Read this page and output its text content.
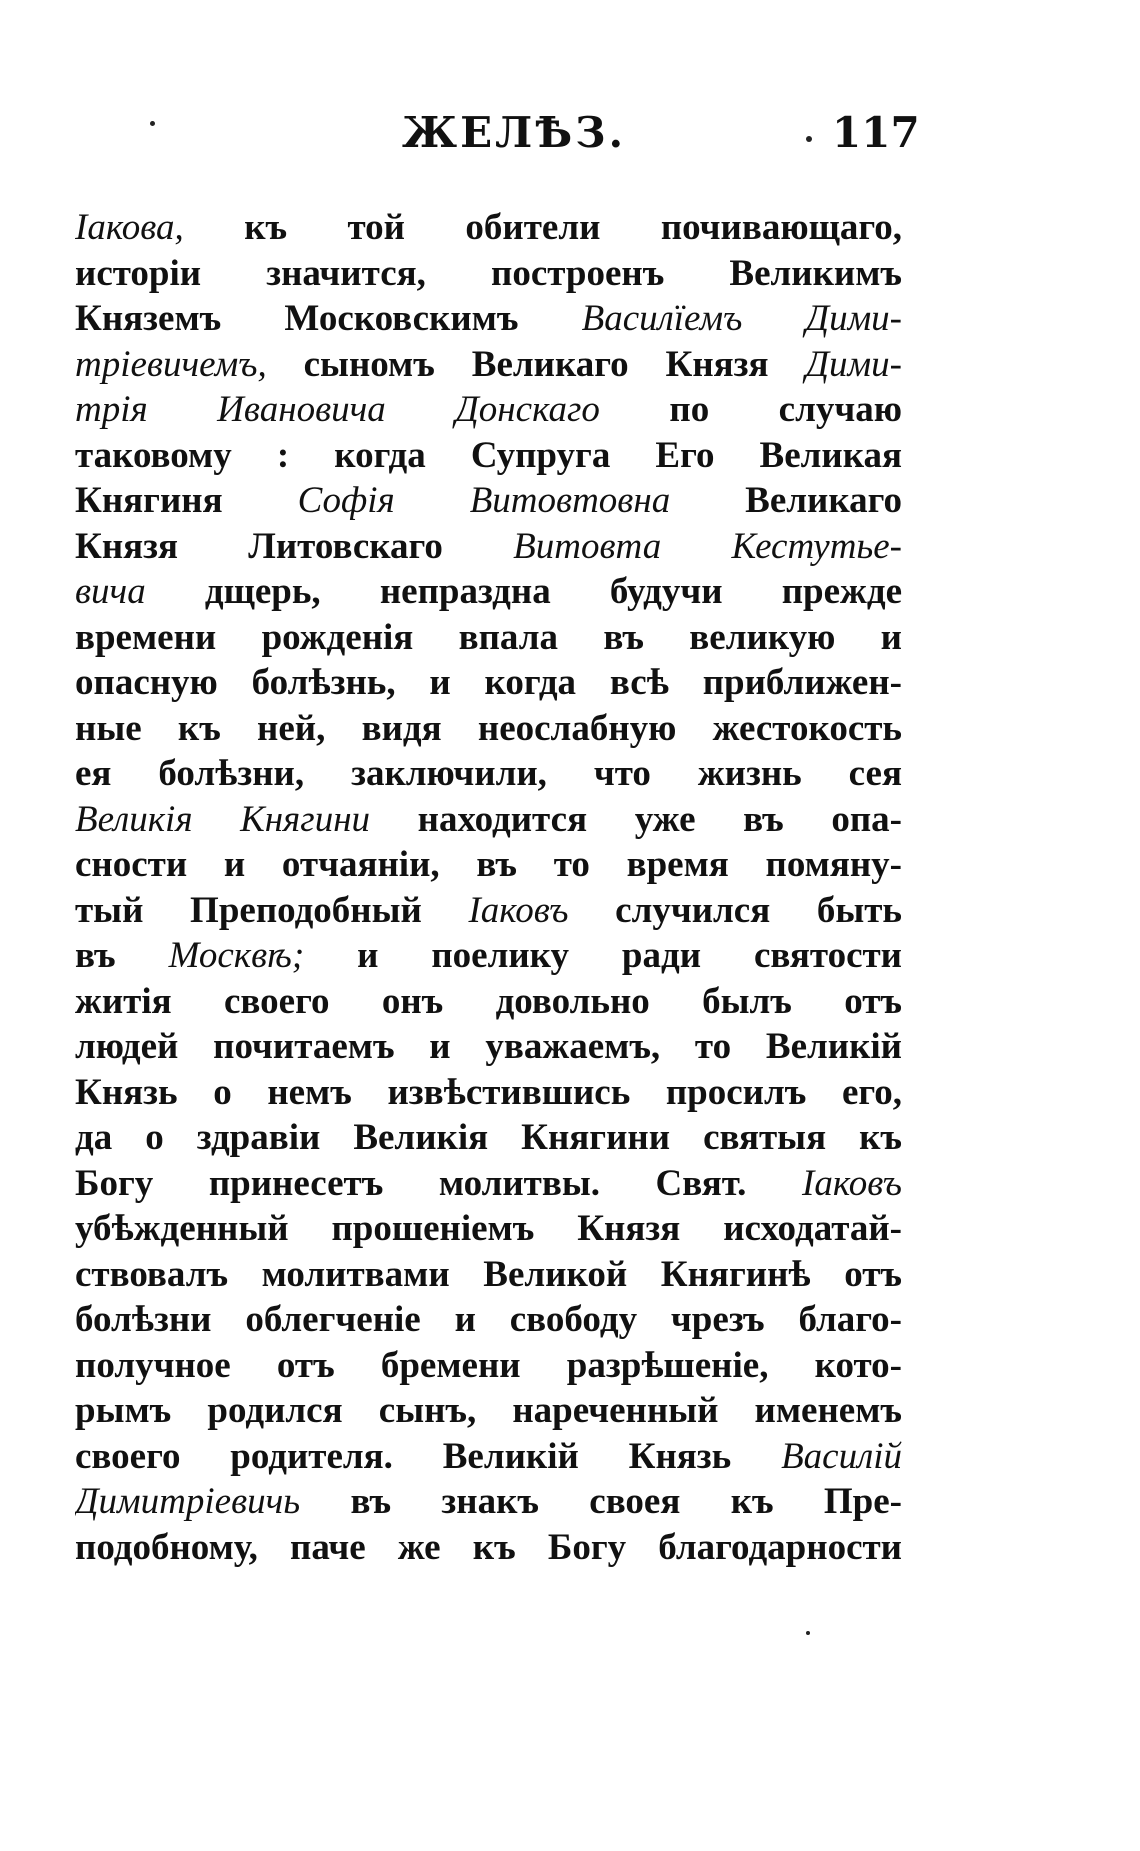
ЖЕЛѢЗ.	117
Іакова, къ той обители почивающаго,
исторіи значится, построенъ Великимъ
Княземъ Московскимъ Василїемъ Дими-
тріевичемъ, сыномъ Великаго Князя Дими-
трія Ивановича Донскаго по случаю
таковому : когда Супруга Его Великая
Княгиня Софія Витовтовна Великаго
Князя Литовскаго Витовта Кестутье-
вича дщерь, непраздна будучи прежде
времени рожденія впала въ великую и
опасную болѣзнь, и когда всѣ приближен-
ные къ ней, видя неослабную жестокость
ея болѣзни, заключили, что жизнь сея
Великія Княгини находится уже въ опа-
сности и отчаяніи, въ то время помяну-
тый Преподобный Іаковъ случился быть
въ Москвѣ; и поелику ради святости
житія своего онъ довольно былъ отъ
людей почитаемъ и уважаемъ, то Великій
Князь о немъ извѣстившись просилъ его,
да о здравіи Великія Княгини святыя къ
Богу принесетъ молитвы. Свят. Іаковъ
убѣжденный прошеніемъ Князя исходатай-
ствовалъ молитвами Великой Княгинѣ отъ
болѣзни облегченіе и свободу чрезъ благо-
получное отъ бремени разрѣшеніе, кото-
рымъ родился сынъ, нареченный именемъ
своего родителя. Великій Князь Василій
Димитріевичь въ знакъ своея къ Пре-
подобному, паче же къ Богу благодарности
